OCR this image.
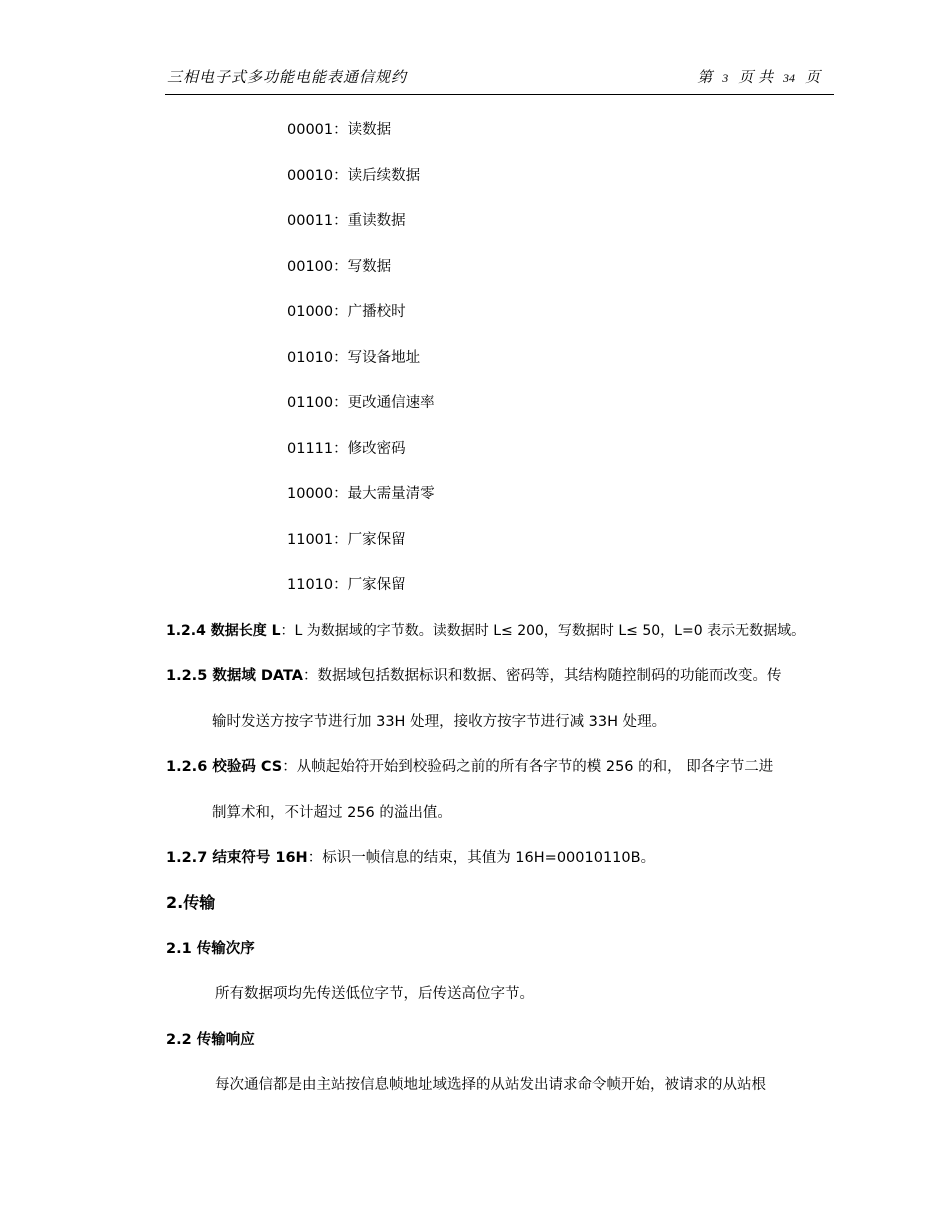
三相电子式多功能电能表通信规约	第 3 页 共 34 页
00001：读数据
00010：读后续数据
00011：重读数据
00100：写数据
01000：广播校时
01010：写设备地址
01100：更改通信速率
01111：修改密码
10000：最大需量清零
11001：厂家保留
11010：厂家保留
1.2.4 数据长度 L：L 为数据域的字节数。读数据时 L≤ 200，写数据时 L≤ 50，L=0 表示无数据域。
1.2.5 数据域 DATA：数据域包括数据标识和数据、密码等，其结构随控制码的功能而改变。传
输时发送方按字节进行加 33H 处理，接收方按字节进行减 33H 处理。
1.2.6 校验码 CS：从帧起始符开始到校验码之前的所有各字节的模 256 的和， 即各字节二进
制算术和，不计超过 256 的溢出值。
1.2.7 结束符号 16H：标识一帧信息的结束，其值为 16H=00010110B。
2.传输
2.1 传输次序
所有数据项均先传送低位字节，后传送高位字节。
2.2 传输响应
每次通信都是由主站按信息帧地址域选择的从站发出请求命令帧开始，被请求的从站根
